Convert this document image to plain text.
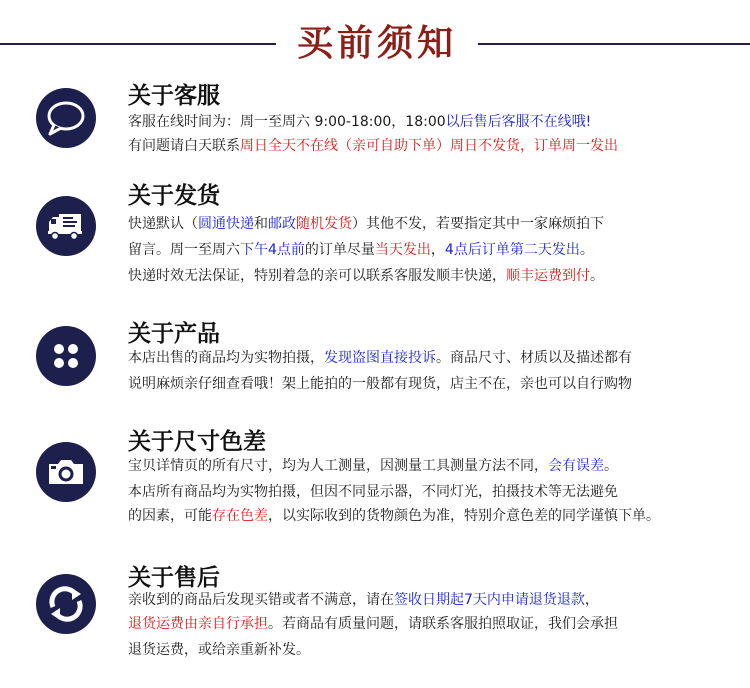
买前须知
关于客服
客服在线时间为：周一至周六 9:00-18:00，18:00以后售后客服不在线哦!
有问题请白天联系周日全天不在线（亲可自助下单）周日不发货，订单周一发出
关于发货
快递默认（圆通快递和邮政随机发货）其他不发，若要指定其中一家麻烦拍下
留言。周一至周六下午4点前的订单尽量当天发出，4点后订单第二天发出。
快递时效无法保证，特别着急的亲可以联系客服发顺丰快递，顺丰运费到付。
关于产品
本店出售的商品均为实物拍摄，发现盗图直接投诉。商品尺寸、材质以及描述都有
说明麻烦亲仔细查看哦！架上能拍的一般都有现货，店主不在，亲也可以自行购物
关于尺寸色差
宝贝详情页的所有尺寸，均为人工测量，因测量工具测量方法不同，会有误差。
本店所有商品均为实物拍摄，但因不同显示器，不同灯光，拍摄技术等无法避免
的因素，可能存在色差，以实际收到的货物颜色为准，特别介意色差的同学谨慎下单。
关于售后
亲收到的商品后发现买错或者不满意，请在签收日期起7天内申请退货退款，
退货运费由亲自行承担。若商品有质量问题，请联系客服拍照取证，我们会承担
退货运费，或给亲重新补发。
